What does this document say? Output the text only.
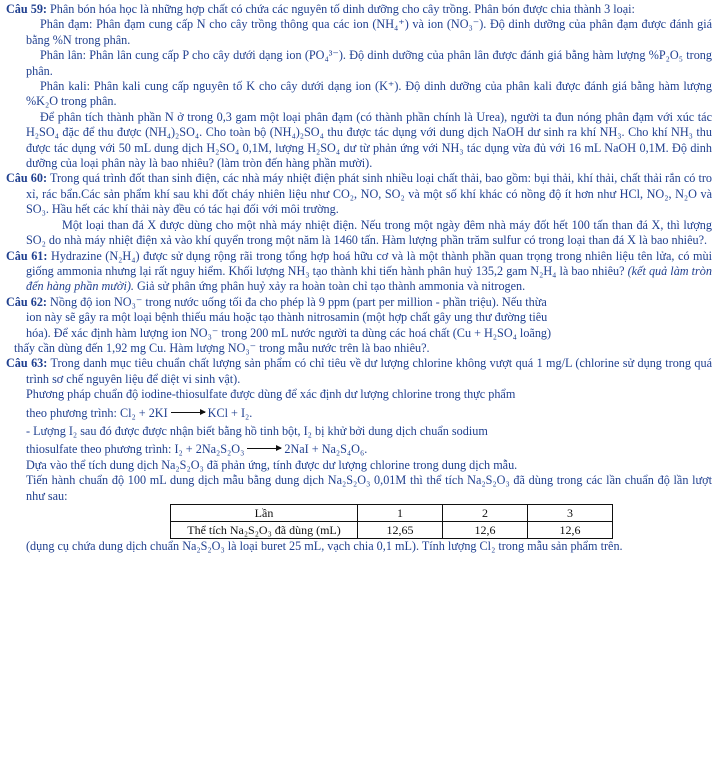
Câu 59: Phân bón hóa học là những hợp chất có chứa các nguyên tố dinh dưỡng cho cây trồng. Phân bón được chia thành 3 loại:

Phân đạm: Phân đạm cung cấp N cho cây trồng thông qua các ion (NH₄⁺) và ion (NO₃⁻). Độ dinh dưỡng của phân đạm được đánh giá bằng %N trong phân.

Phân lân: Phân lân cung cấp P cho cây dưới dạng ion (PO₄³⁻). Độ dinh dưỡng của phân lân được đánh giá bằng hàm lượng %P₂O₅ trong phân.

Phân kali: Phân kali cung cấp nguyên tố K cho cây dưới dạng ion (K⁺). Độ dinh dưỡng của phân kali được đánh giá bằng hàm lượng %K₂O trong phân.

Để phân tích thành phần N ở trong 0,3 gam một loại phân đạm (có thành phần chính là Urea), người ta đun nóng phân đạm với xúc tác H₂SO₄ đặc để thu được (NH₄)₂SO₄. Cho toàn bộ (NH₄)₂SO₄ thu được tác dụng với dung dịch NaOH dư sinh ra khí NH₃. Cho khí NH₃ thu được tác dụng với 50 mL dung dịch H₂SO₄ 0,1M, lượng H₂SO₄ dư từ phản ứng với NH₃ tác dụng vừa đủ với 16 mL NaOH 0,1M. Độ dinh dưỡng của loại phân này là bao nhiêu? (làm tròn đến hàng phần mười).

Câu 60: Trong quá trình đốt than sinh điện, các nhà máy nhiệt điện phát sinh nhiều loại chất thải, bao gồm: bụi thải, khí thải, chất thải rắn có tro xỉ, rác bẩn.Các sản phẩm khí sau khi đốt cháy nhiên liệu như CO₂, NO, SO₂ và một số khí khác có nồng độ ít hơn như HCl, NO₂, N₂O và SO₃. Hầu hết các khí thải này đều có tác hại đối với môi trường.

Một loại than đá X được dùng cho một nhà máy nhiệt điện. Nếu trong một ngày đêm nhà máy đốt hết 100 tấn than đá X, thì lượng SO₂ do nhà máy nhiệt điện xả vào khí quyển trong một năm là 1460 tấn. Hàm lượng phần trăm sulfur có trong loại than đá X là bao nhiêu?.

Câu 61: Hydrazine (N₂H₄) được sử dụng rộng rãi trong tổng hợp hoá hữu cơ và là một thành phần quan trọng trong nhiên liệu tên lửa, có mùi giống ammonia nhưng lại rất nguy hiểm. Khối lượng NH₃ tạo thành khi tiến hành phân huỷ 135,2 gam N₂H₄ là bao nhiêu? (kết quả làm tròn đến hàng phần mười). Giả sử phân ứng phân huỷ xảy ra hoàn toàn chỉ tạo thành ammonia và nitrogen.

Câu 62: Nồng độ ion NO₃⁻ trong nước uống tối đa cho phép là 9 ppm (part per million - phần triệu). Nếu thừa

ion này sẽ gây ra một loại bệnh thiếu máu hoặc tạo thành nitrosamin (một hợp chất gây ung thư đường tiêu

hóa). Để xác định hàm lượng ion NO₃⁻ trong 200 mL nước người ta dùng các hoá chất (Cu + H₂SO₄ loãng)

thấy cần dùng đến 1,92 mg Cu. Hàm lượng NO₃⁻ trong mẫu nước trên là bao nhiêu?.

Câu 63: Trong danh mục tiêu chuẩn chất lượng sản phẩm có chỉ tiêu về dư lượng chlorine không vượt quá 1 mg/L (chlorine sử dụng trong quá trình sơ chế nguyên liệu để diệt vi sinh vật).

Phương pháp chuẩn độ iodine-thiosulfate được dùng để xác định dư lượng chlorine trong thực phẩm

theo phương trình: Cl₂ + 2KI → KCl + I₂.

- Lượng I₂ sau đó được được nhận biết bằng hồ tinh bột, I₂ bị khử bởi dung dịch chuẩn sodium

thiosulfate theo phương trình: I₂ + 2Na₂S₂O₃ → 2NaI + Na₂S₄O₆.

Dựa vào thể tích dung dịch Na₂S₂O₃ đã phản ứng, tính được dư lượng chlorine trong dung dịch mẫu.

Tiến hành chuẩn độ 100 mL dung dịch mẫu bằng dung dịch Na₂S₂O₃ 0,01M thì thể tích Na₂S₂O₃ đã dùng trong các lần chuẩn độ lần lượt như sau:

Lần	1	2	3
Thể tích Na₂S₂O₃ đã dùng (mL)	12,65	12,6	12,6

(dụng cụ chứa dung dịch chuẩn Na₂S₂O₃ là loại buret 25 mL, vạch chia 0,1 mL). Tính lượng Cl₂ trong mẫu sản phẩm trên.
